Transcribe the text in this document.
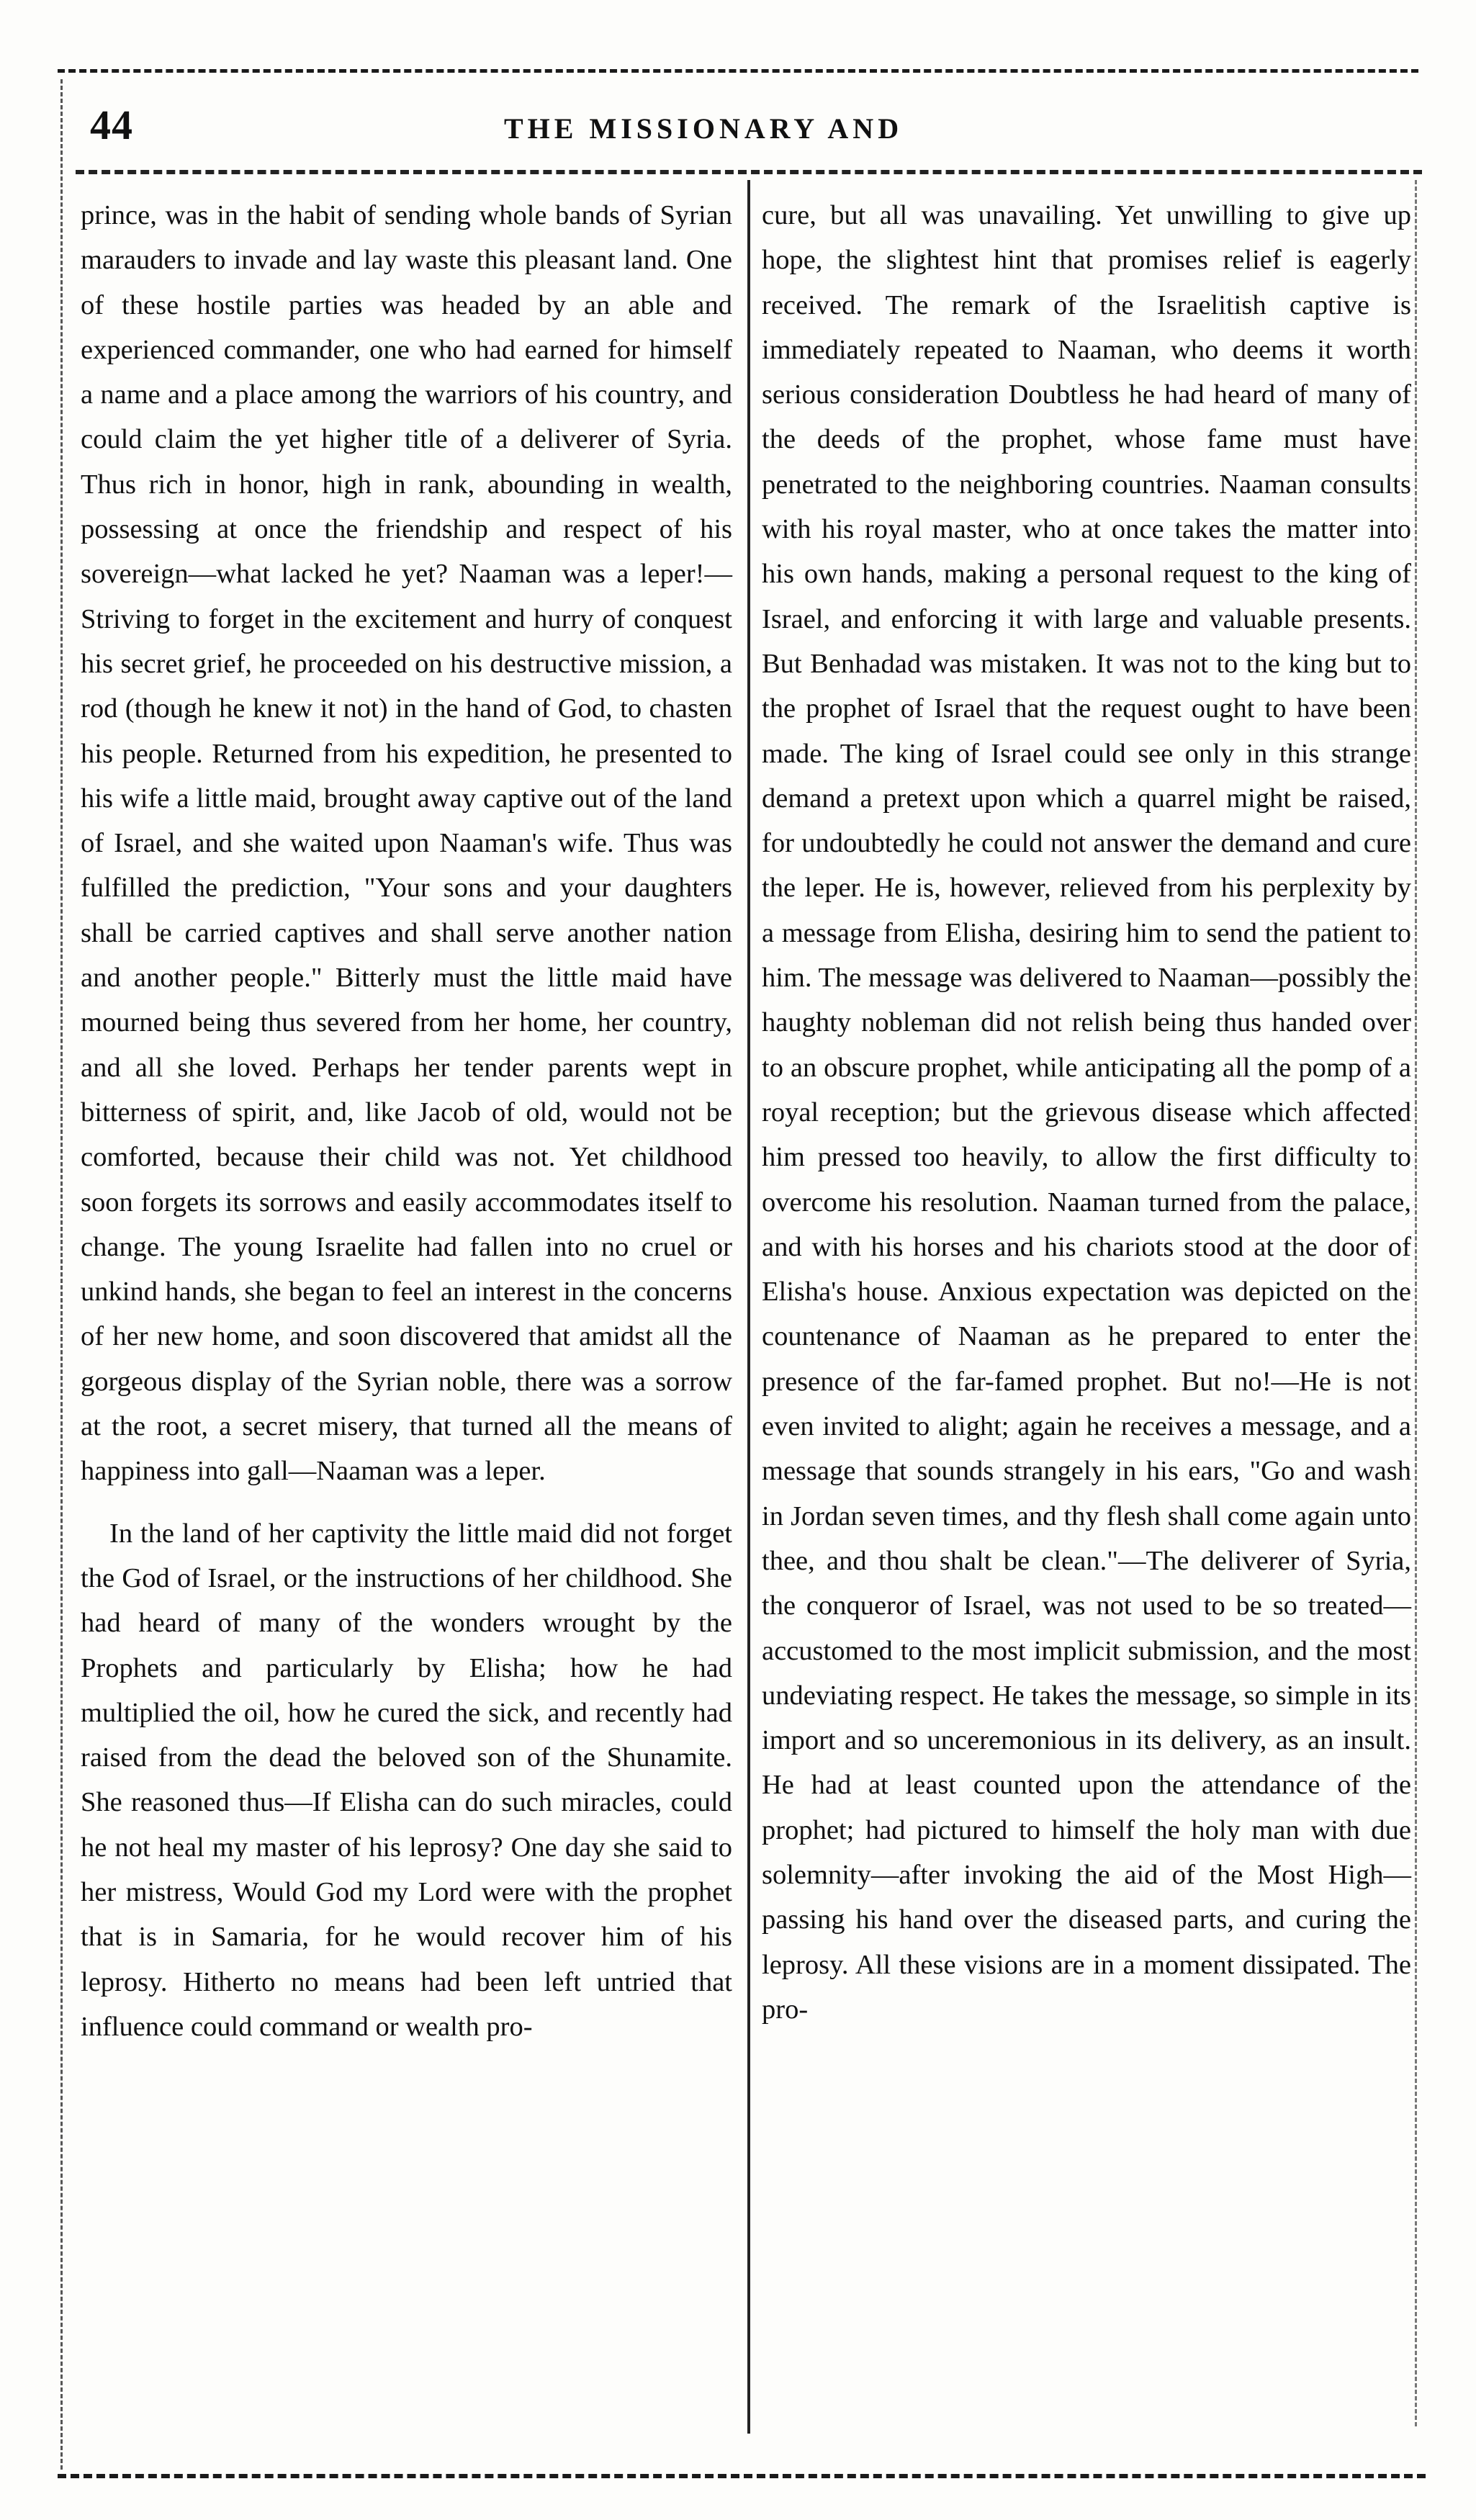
44	THE MISSIONARY AND

prince, was in the habit of sending whole bands of Syrian marauders to invade and lay waste this pleasant land. One of these hostile parties was headed by an able and experienced commander, one who had earned for himself a name and a place among the warriors of his country, and could claim the yet higher title of a deliverer of Syria. Thus rich in honor, high in rank, abounding in wealth, possessing at once the friendship and respect of his sovereign—what lacked he yet? Naaman was a leper!—Striving to forget in the excitement and hurry of conquest his secret grief, he proceeded on his destructive mission, a rod (though he knew it not) in the hand of God, to chasten his people. Returned from his expedition, he presented to his wife a little maid, brought away captive out of the land of Israel, and she waited upon Naaman's wife. Thus was fulfilled the prediction, "Your sons and your daughters shall be carried captives and shall serve another nation and another people." Bitterly must the little maid have mourned being thus severed from her home, her country, and all she loved. Perhaps her tender parents wept in bitterness of spirit, and, like Jacob of old, would not be comforted, because their child was not. Yet childhood soon forgets its sorrows and easily accommodates itself to change. The young Israelite had fallen into no cruel or unkind hands, she began to feel an interest in the concerns of her new home, and soon discovered that amidst all the gorgeous display of the Syrian noble, there was a sorrow at the root, a secret misery, that turned all the means of happiness into gall—Naaman was a leper.

In the land of her captivity the little maid did not forget the God of Israel, or the instructions of her childhood. She had heard of many of the wonders wrought by the Prophets and particularly by Elisha; how he had multiplied the oil, how he cured the sick, and recently had raised from the dead the beloved son of the Shunamite. She reasoned thus—If Elisha can do such miracles, could he not heal my master of his leprosy? One day she said to her mistress, Would God my Lord were with the prophet that is in Samaria, for he would recover him of his leprosy. Hitherto no means had been left untried that influence could command or wealth pro-

cure, but all was unavailing. Yet unwilling to give up hope, the slightest hint that promises relief is eagerly received. The remark of the Israelitish captive is immediately repeated to Naaman, who deems it worth serious consideration Doubtless he had heard of many of the deeds of the prophet, whose fame must have penetrated to the neighboring countries. Naaman consults with his royal master, who at once takes the matter into his own hands, making a personal request to the king of Israel, and enforcing it with large and valuable presents. But Benhadad was mistaken. It was not to the king but to the prophet of Israel that the request ought to have been made. The king of Israel could see only in this strange demand a pretext upon which a quarrel might be raised, for undoubtedly he could not answer the demand and cure the leper. He is, however, relieved from his perplexity by a message from Elisha, desiring him to send the patient to him. The message was delivered to Naaman—possibly the haughty nobleman did not relish being thus handed over to an obscure prophet, while anticipating all the pomp of a royal reception; but the grievous disease which affected him pressed too heavily, to allow the first difficulty to overcome his resolution. Naaman turned from the palace, and with his horses and his chariots stood at the door of Elisha's house. Anxious expectation was depicted on the countenance of Naaman as he prepared to enter the presence of the far-famed prophet. But no!—He is not even invited to alight; again he receives a message, and a message that sounds strangely in his ears, "Go and wash in Jordan seven times, and thy flesh shall come again unto thee, and thou shalt be clean."—The deliverer of Syria, the conqueror of Israel, was not used to be so treated—accustomed to the most implicit submission, and the most undeviating respect. He takes the message, so simple in its import and so unceremonious in its delivery, as an insult. He had at least counted upon the attendance of the prophet; had pictured to himself the holy man with due solemnity—after invoking the aid of the Most High—passing his hand over the diseased parts, and curing the leprosy. All these visions are in a moment dissipated. The pro-
